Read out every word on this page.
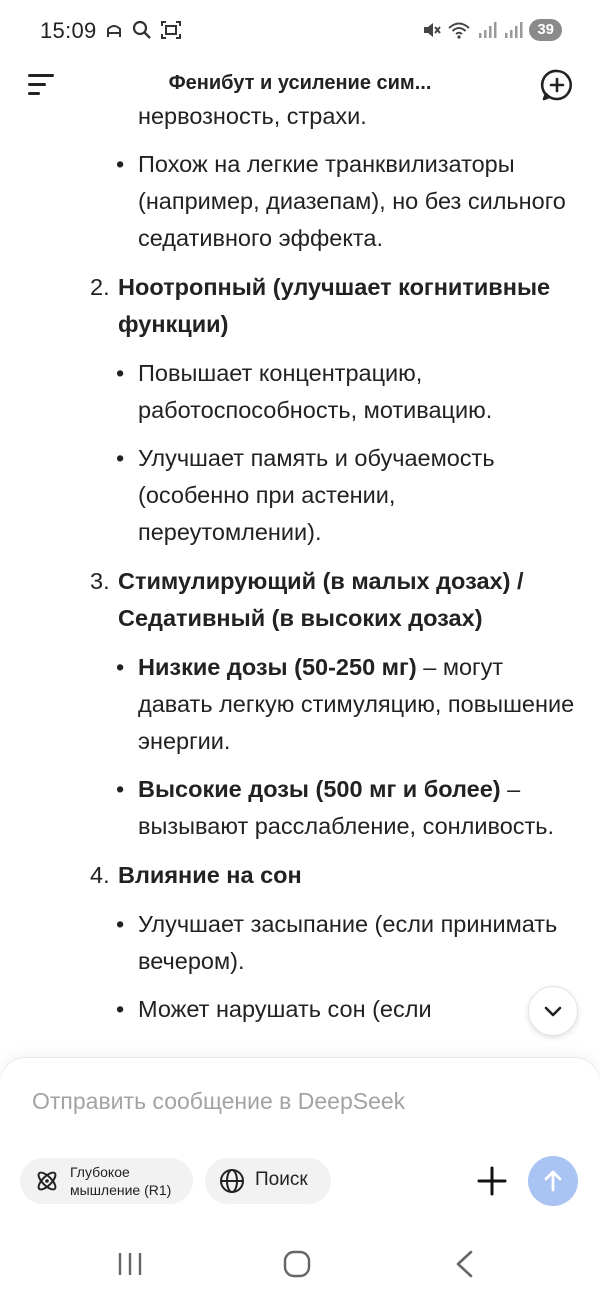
15:09	39
нервозность, страхи.
• Похож на легкие транквилизаторы (например, диазепам), но без сильного седативного эффекта.
2. Ноотропный (улучшает когнитивные функции)
• Повышает концентрацию, работоспособность, мотивацию.
• Улучшает память и обучаемость (особенно при астении, переутомлении).
3. Стимулирующий (в малых дозах) / Седативный (в высоких дозах)
• Низкие дозы (50-250 мг) – могут давать легкую стимуляцию, повышение энергии.
• Высокие дозы (500 мг и более) – вызывают расслабление, сонливость.
4. Влияние на сон
• Улучшает засыпание (если принимать вечером).
• Может нарушать сон (если
Фенибут и усиление сим...
Отправить сообщение в DeepSeek
Глубокое
мышление (R1)	Поиск
